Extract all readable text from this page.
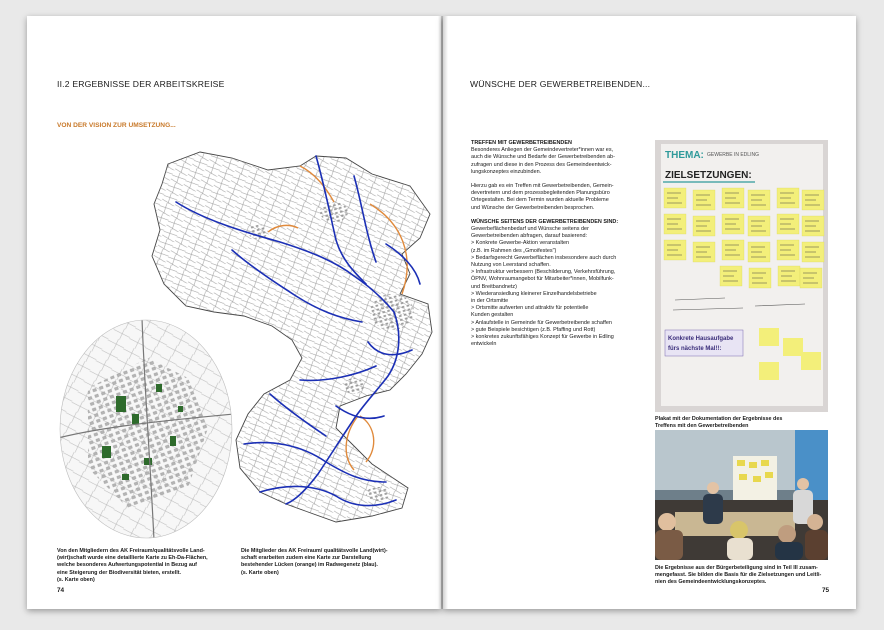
II.2 ERGEBNISSE DER ARBEITSKREISE
VON DER VISION ZUR UMSETZUNG...
Von den Mitgliedern des AK Freiraum/qualitätsvolle Land-
(wirt)schaft wurde eine detaillierte Karte zu Eh-Da-Flächen,
welche besonderes Aufwertungspotential in Bezug auf
eine Steigerung der Biodiversität bieten, erstellt.
(s. Karte oben)
Die Mitglieder des AK Freiraum/ qualitätsvolle Land(wirt)-
schaft erarbeiten zudem eine Karte zur Darstellung
bestehender Lücken (orange) im Radwegenetz (blau).
(s. Karte oben)
74
WÜNSCHE DER GEWERBETREIBENDEN...

TREFFEN MIT GEWERBETREIBENDEN

Besonderes Anliegen der Gemeindevertreter*innen war es,
auch die Wünsche und Bedarfe der Gewerbetreibenden ab-
zufragen und diese in den Prozess des Gemeindeentwick-
lungskonzeptes einzubinden.

Hierzu gab es ein Treffen mit Gewerbetreibenden, Gemein-
devertretern und dem prozessbegleitenden Planungsbüro
Ortegestalten. Bei dem Termin wurden aktuelle Probleme
und Wünsche der Gewerbetreibenden besprochen.

WÜNSCHE SEITENS DER GEWERBETREIBENDEN SIND:

Gewerbeflächenbedarf und Wünsche seitens der
Gewerbetreibenden abfragen, darauf basierend:
> Konkrete Gewerbe-Aktion veranstalten
(z.B. im Rahmen des „Gmoifestes")
> Bedarfsgerecht Gewerbeflächen insbesondere auch durch
Nutzung von Leerstand schaffen.
> Infrastruktur verbessern (Beschilderung, Verkehrsführung,
ÖPNV, Wohnraumangebot für Mitarbeiter*innen, Mobilfunk-
und Breitbandnetz)
> Wiederansiedlung kleinerer Einzelhandelsbetriebe
in der Ortsmitte
> Ortsmitte aufwerten und attraktiv für potentielle
Kunden gestalten
> Anlaufstelle in Gemeinde für Gewerbetreibende schaffen
> gute Beispiele besichtigen (z.B. Pfaffing und Rott)
> konkretes zukunftsfähiges Konzept für Gewerbe in Edling
entwickeln

THEMA: GEWERBE IN EDLING
ZIELSETZUNGEN:
Konkrete Hausaufgabe fürs nächste Mal!!:
Plakat mit der Dokumentation der Ergebnisse des
Treffens mit den Gewerbetreibenden
Die Ergebnisse aus der Bürgerbeteiligung sind in Teil III zusam-
mengefasst. Sie bilden die Basis für die Zielsetzungen und Leitli-
nien des Gemeindeentwicklungskonzeptes.
75
